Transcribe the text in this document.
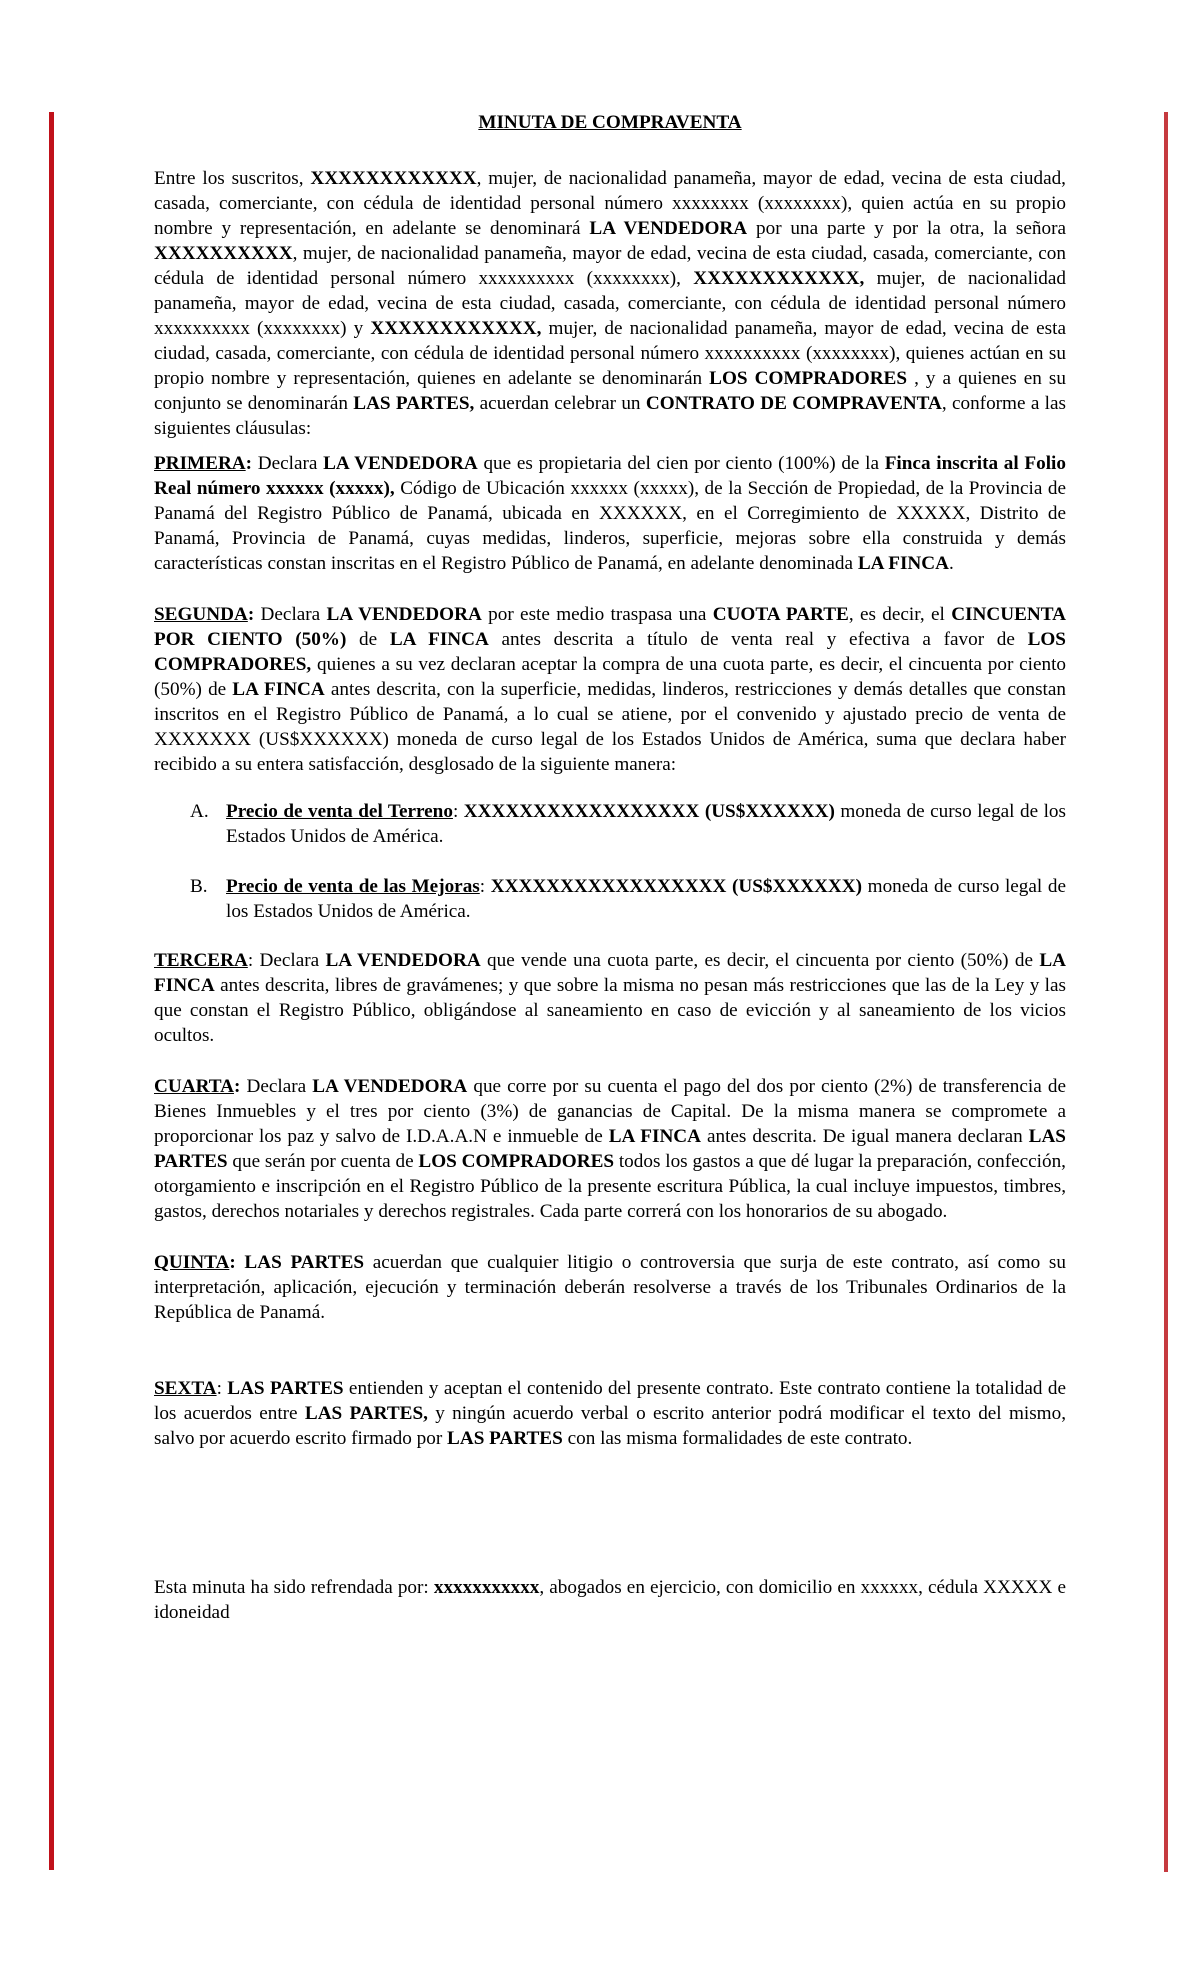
MINUTA DE COMPRAVENTA

Entre los suscritos, XXXXXXXXXXXX, mujer, de nacionalidad panameña, mayor de edad, vecina de esta ciudad, casada, comerciante, con cédula de identidad personal número xxxxxxxx (xxxxxxxx), quien actúa en su propio nombre y representación, en adelante se denominará LA VENDEDORA por una parte y por la otra, la señora XXXXXXXXXX, mujer, de nacionalidad panameña, mayor de edad, vecina de esta ciudad, casada, comerciante, con cédula de identidad personal número xxxxxxxxxx (xxxxxxxx), XXXXXXXXXXXX, mujer, de nacionalidad panameña, mayor de edad, vecina de esta ciudad, casada, comerciante, con cédula de identidad personal número xxxxxxxxxx (xxxxxxxx) y XXXXXXXXXXXX, mujer, de nacionalidad panameña, mayor de edad, vecina de esta ciudad, casada, comerciante, con cédula de identidad personal número xxxxxxxxxx (xxxxxxxx), quienes actúan en su propio nombre y representación, quienes en adelante se denominarán LOS COMPRADORES , y a quienes en su conjunto se denominarán LAS PARTES, acuerdan celebrar un CONTRATO DE COMPRAVENTA, conforme a las siguientes cláusulas:

PRIMERA: Declara LA VENDEDORA que es propietaria del cien por ciento (100%) de la Finca inscrita al Folio Real número xxxxxx (xxxxx), Código de Ubicación xxxxxx (xxxxx), de la Sección de Propiedad, de la Provincia de Panamá del Registro Público de Panamá, ubicada en XXXXXX, en el Corregimiento de XXXXX, Distrito de Panamá, Provincia de Panamá, cuyas medidas, linderos, superficie, mejoras sobre ella construida y demás características constan inscritas en el Registro Público de Panamá, en adelante denominada LA FINCA.

SEGUNDA: Declara LA VENDEDORA por este medio traspasa una CUOTA PARTE, es decir, el CINCUENTA POR CIENTO (50%) de LA FINCA antes descrita a título de venta real y efectiva a favor de LOS COMPRADORES, quienes a su vez declaran aceptar la compra de una cuota parte, es decir, el cincuenta por ciento (50%) de LA FINCA antes descrita, con la superficie, medidas, linderos, restricciones y demás detalles que constan inscritos en el Registro Público de Panamá, a lo cual se atiene, por el convenido y ajustado precio de venta de XXXXXXX (US$XXXXXX) moneda de curso legal de los Estados Unidos de América, suma que declara haber recibido a su entera satisfacción, desglosado de la siguiente manera:

A. Precio de venta del Terreno: XXXXXXXXXXXXXXXXX (US$XXXXXX) moneda de curso legal de los Estados Unidos de América.
B. Precio de venta de las Mejoras: XXXXXXXXXXXXXXXXX (US$XXXXXX) moneda de curso legal de los Estados Unidos de América.

TERCERA: Declara LA VENDEDORA que vende una cuota parte, es decir, el cincuenta por ciento (50%) de LA FINCA antes descrita, libres de gravámenes; y que sobre la misma no pesan más restricciones que las de la Ley y las que constan el Registro Público, obligándose al saneamiento en caso de evicción y al saneamiento de los vicios ocultos.

CUARTA: Declara LA VENDEDORA que corre por su cuenta el pago del dos por ciento (2%) de transferencia de Bienes Inmuebles y el tres por ciento (3%) de ganancias de Capital. De la misma manera se compromete a proporcionar los paz y salvo de I.D.A.A.N e inmueble de LA FINCA antes descrita. De igual manera declaran LAS PARTES que serán por cuenta de LOS COMPRADORES todos los gastos a que dé lugar la preparación, confección, otorgamiento e inscripción en el Registro Público de la presente escritura Pública, la cual incluye impuestos, timbres, gastos, derechos notariales y derechos registrales. Cada parte correrá con los honorarios de su abogado.

QUINTA: LAS PARTES acuerdan que cualquier litigio o controversia que surja de este contrato, así como su interpretación, aplicación, ejecución y terminación deberán resolverse a través de los Tribunales Ordinarios de la República de Panamá.

SEXTA: LAS PARTES entienden y aceptan el contenido del presente contrato. Este contrato contiene la totalidad de los acuerdos entre LAS PARTES, y ningún acuerdo verbal o escrito anterior podrá modificar el texto del mismo, salvo por acuerdo escrito firmado por LAS PARTES con las misma formalidades de este contrato.

Esta minuta ha sido refrendada por: xxxxxxxxxxx, abogados en ejercicio, con domicilio en xxxxxx, cédula XXXXX e idoneidad
